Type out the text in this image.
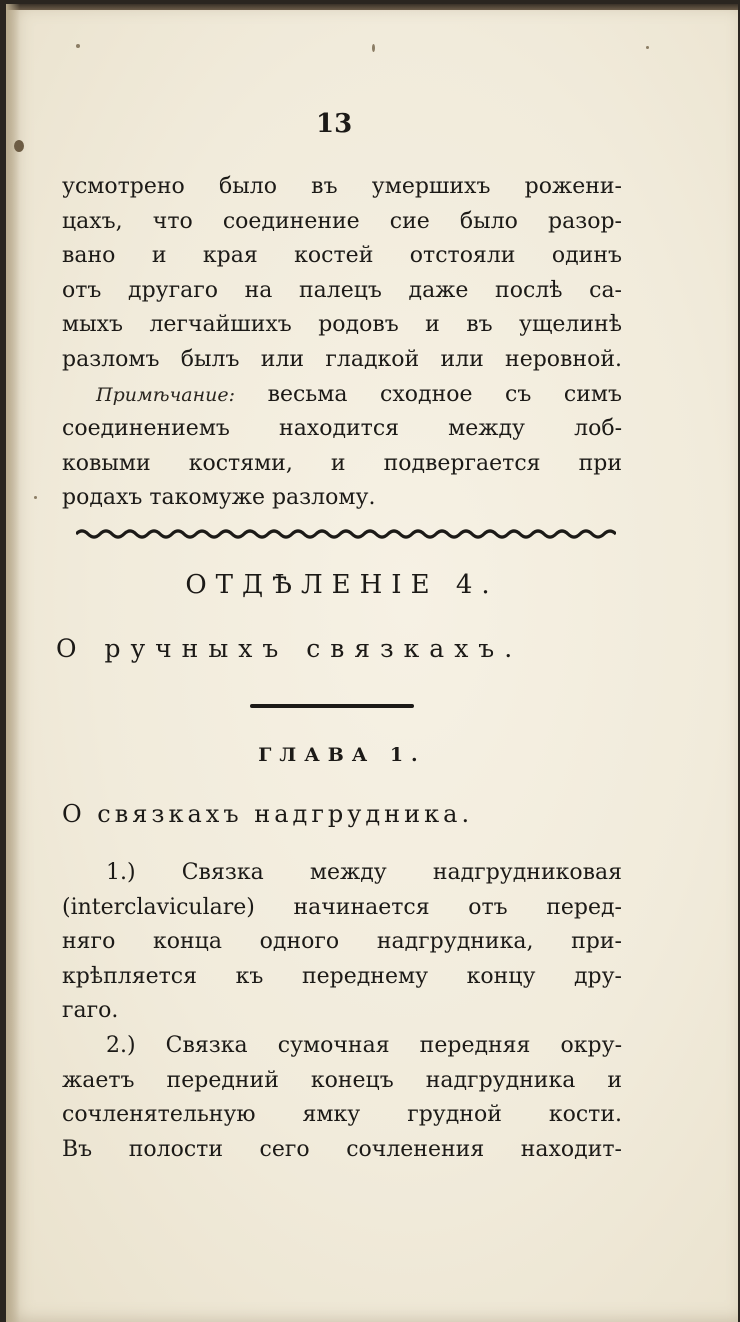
13
усмотрено было въ умершихъ рожени-
цахъ, что соединение сие было разор-
вано и края костей отстояли одинъ
отъ другаго на палецъ даже послѣ са-
мыхъ легчайшихъ родовъ и въ ущелинѣ
разломъ былъ или гладкой или неровной.
Примѣчание: весьма сходное съ симъ
соединениемъ находится между лоб-
ковыми костями, и подвергается при
родахъ такомуже разлому.
ОТДѢЛЕНІЕ 4.
О ручныхъ связкахъ.
ГЛАВА 1.
О связкахъ надгрудника.
1.) Связка между надгрудниковая
(interclaviculare) начинается отъ перед-
няго конца одного надгрудника, при-
крѣпляется къ переднему концу дру-
гаго.
2.) Связка сумочная передняя окру-
жаетъ передний конецъ надгрудника и
сочленятельную ямку грудной кости.
Въ полости сего сочленения находит-
